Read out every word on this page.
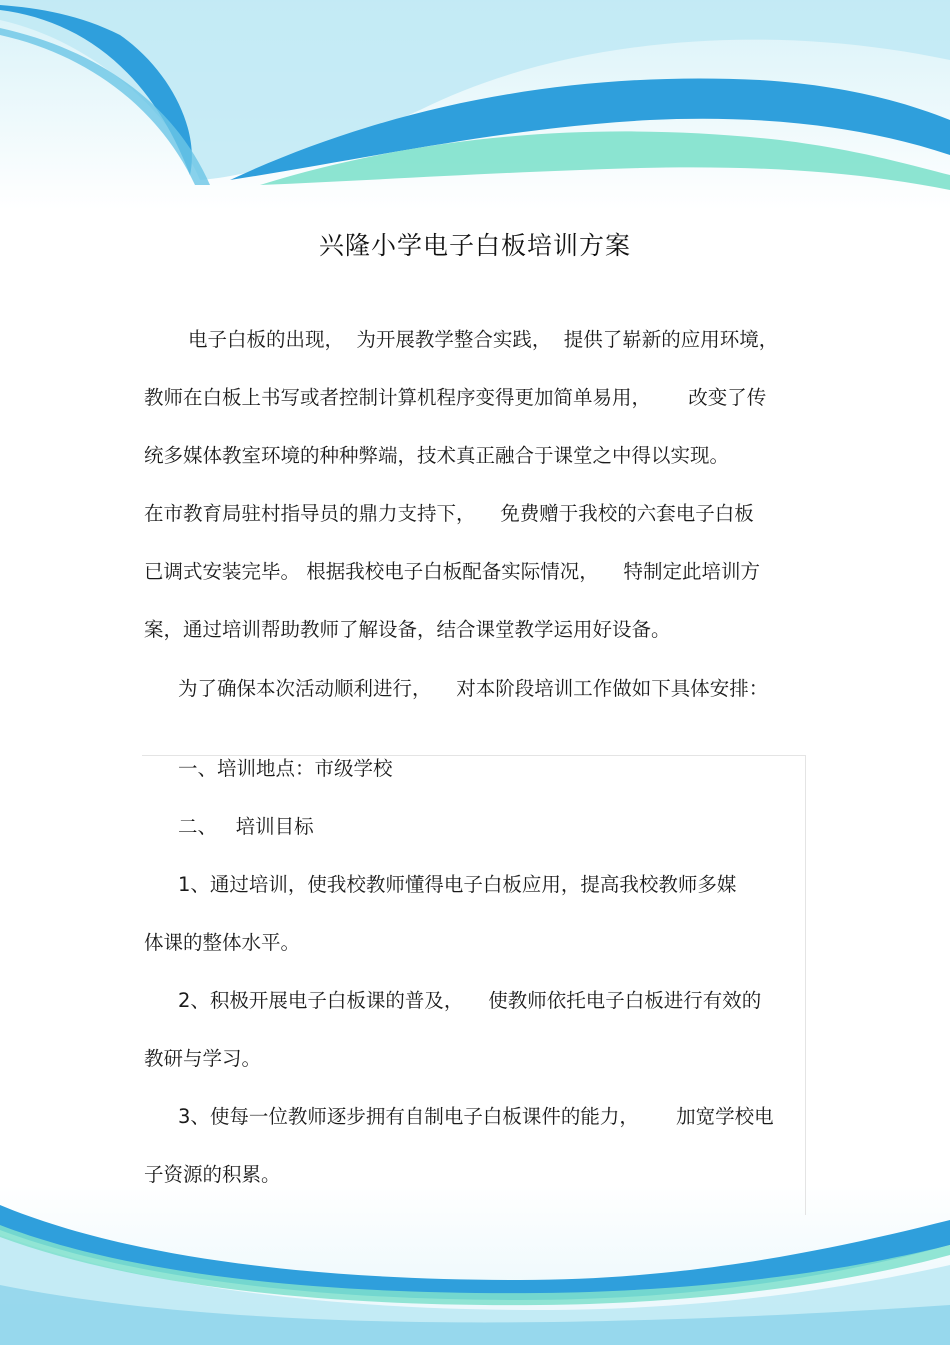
兴隆小学电子白板培训方案
电子白板的出现，  为开展教学整合实践，  提供了崭新的应用环境，
教师在白板上书写或者控制计算机程序变得更加简单易用，      改变了传
统多媒体教室环境的种种弊端，技术真正融合于课堂之中得以实现。
在市教育局驻村指导员的鼎力支持下，    免费赠于我校的六套电子白板
已调式安装完毕。 根据我校电子白板配备实际情况，    特制定此培训方
案，通过培训帮助教师了解设备，结合课堂教学运用好设备。
为了确保本次活动顺利进行，    对本阶段培训工作做如下具体安排：
一、培训地点：市级学校
二、   培训目标
1、通过培训，使我校教师懂得电子白板应用，提高我校教师多媒
体课的整体水平。
2、积极开展电子白板课的普及，    使教师依托电子白板进行有效的
教研与学习。
3、使每一位教师逐步拥有自制电子白板课件的能力，      加宽学校电
子资源的积累。
